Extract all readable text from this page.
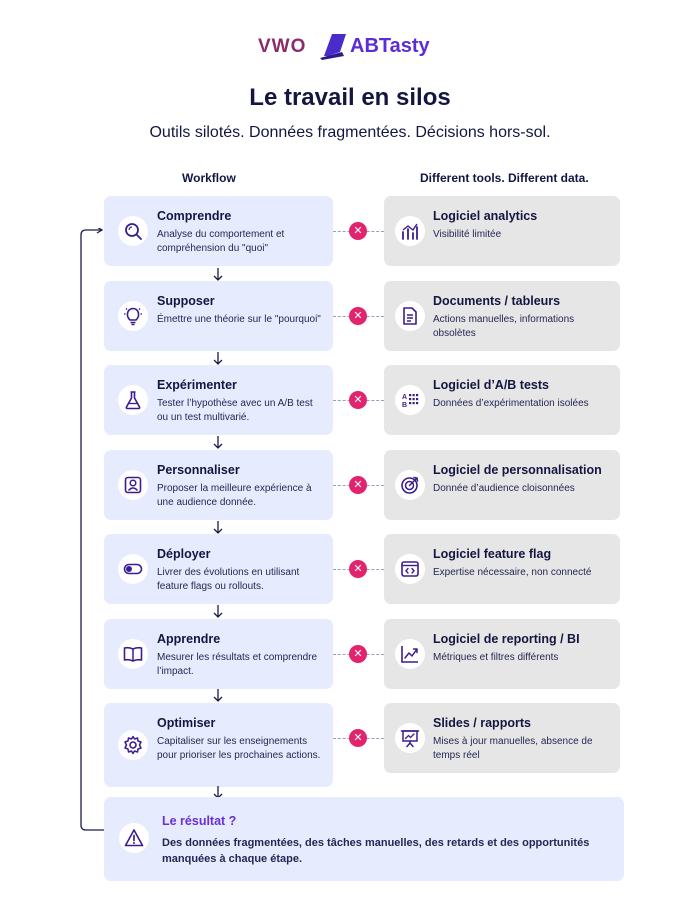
VWO ABTasty
Le travail en silos
Outils silotés. Données fragmentées. Décisions hors-sol.
Workflow	Different tools. Different data.
Comprendre
Analyse du comportement et compréhension du "quoi"
✕
Logiciel analytics
Visibilité limitée
Supposer
Émettre une théorie sur le "pourquoi"	✕
Documents / tableurs
Actions manuelles, informations obsolètes
Expérimenter
Tester l’hypothèse avec un A/B test ou un test multivarié.
✕	A
B
Logiciel d’A/B tests
Données d’expérimentation isolées
Personnaliser
Proposer la meilleure expérience à une audience donnée.
✕
Logiciel de personnalisation
Donnée d’audience cloisonnées
Déployer
Livrer des évolutions en utilisant feature flags ou rollouts.
✕
Logiciel feature flag
Expertise nécessaire, non connecté
Apprendre
Mesurer les résultats et comprendre l’impact.
✕
Logiciel de reporting / BI
Métriques et filtres différents
Optimiser
Capitaliser sur les enseignements pour prioriser les prochaines actions.
✕
Slides / rapports
Mises à jour manuelles, absence de temps réel
Le résultat ?
Des données fragmentées, des tâches manuelles, des retards et des opportunités manquées à chaque étape.
